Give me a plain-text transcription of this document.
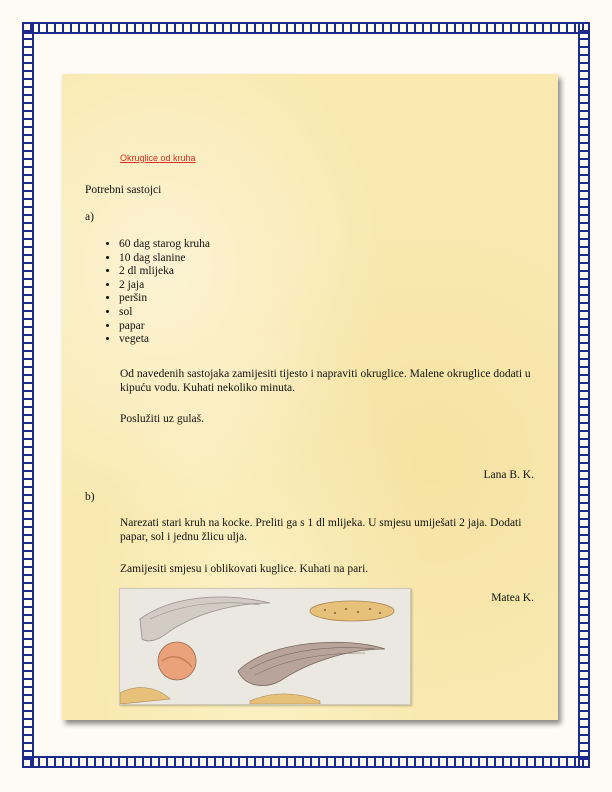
Okruglice od kruha
Potrebni sastojci
a)
• 60 dag starog kruha
• 10 dag slanine
• 2 dl mlijeka
• 2 jaja
• peršin
• sol
• papar
• vegeta
Od navedenih sastojaka zamijesiti tijesto i napraviti okruglice. Malene okruglice dodati u kipuću vodu. Kuhati nekoliko minuta.
Poslužiti uz gulaš.
Lana B. K.
b)
Narezati stari kruh na kocke. Preliti ga s 1 dl mlijeka. U smjesu umiješati 2 jaja. Dodati papar, sol i jednu žlicu ulja.
Zamijesiti smjesu i oblikovati kuglice. Kuhati na pari.
Matea K.
